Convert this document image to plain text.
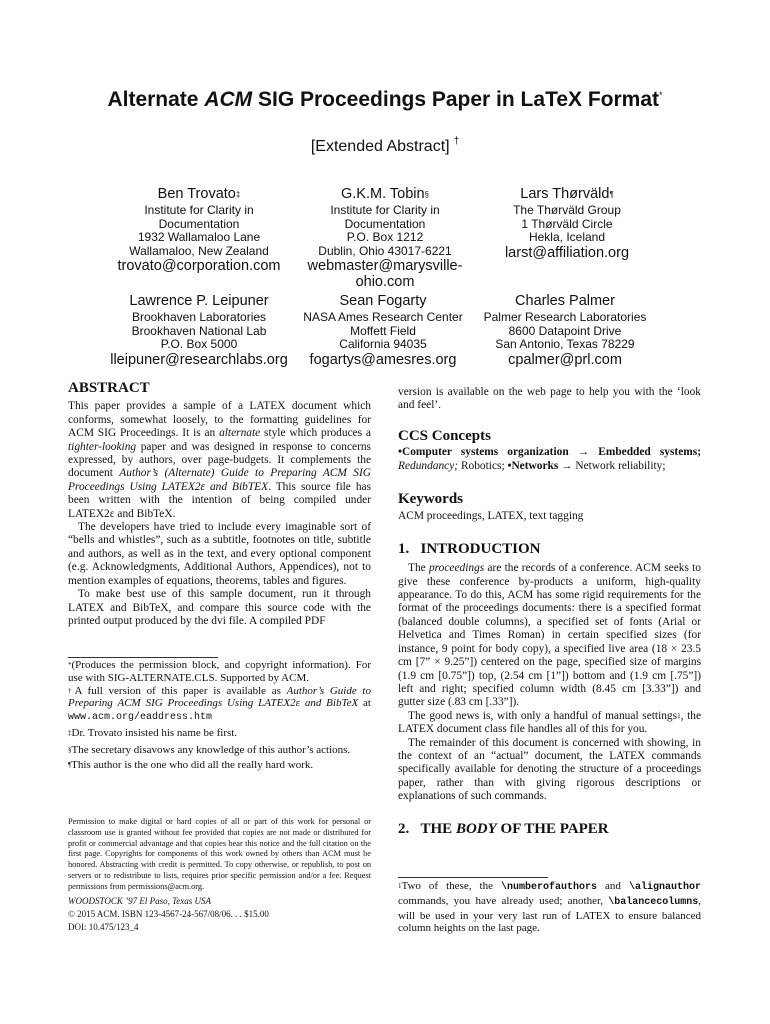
Alternate ACM SIG Proceedings Paper in LaTeX Format*
[Extended Abstract] †
Ben Trovato‡
Institute for Clarity in
Documentation
1932 Wallamaloo Lane
Wallamaloo, New Zealand
trovato@corporation.com
G.K.M. Tobin§
Institute for Clarity in
Documentation
P.O. Box 1212
Dublin, Ohio 43017-6221
webmaster@marysville-ohio.com
Lars Thørväld¶
The Thørväld Group
1 Thørväld Circle
Hekla, Iceland
larst@affiliation.org
Lawrence P. Leipuner
Brookhaven Laboratories
Brookhaven National Lab
P.O. Box 5000
lleipuner@researchlabs.org
Sean Fogarty
NASA Ames Research Center
Moffett Field
California 94035
fogartys@amesres.org
Charles Palmer
Palmer Research Laboratories
8600 Datapoint Drive
San Antonio, Texas 78229
cpalmer@prl.com
ABSTRACT

This paper provides a sample of a LATEX document which conforms, somewhat loosely, to the formatting guidelines for ACM SIG Proceedings. It is an alternate style which produces a tighter-looking paper and was designed in response to concerns expressed, by authors, over page-budgets. It complements the document Author’s (Alternate) Guide to Preparing ACM SIG Proceedings Using LATEX2ε and BibTEX. This source file has been written with the intention of being compiled under LATEX2ε and BibTeX.

The developers have tried to include every imaginable sort of “bells and whistles”, such as a subtitle, footnotes on title, subtitle and authors, as well as in the text, and every optional component (e.g. Acknowledgments, Additional Authors, Appendices), not to mention examples of equations, theorems, tables and figures.

To make best use of this sample document, run it through LATEX and BibTeX, and compare this source code with the printed output produced by the dvi file. A compiled PDF

*(Produces the permission block, and copyright information). For use with SIG-ALTERNATE.CLS. Supported by ACM.

†A full version of this paper is available as Author’s Guide to Preparing ACM SIG Proceedings Using LATEX2ε and BibTeX at www.acm.org/eaddress.htm

‡Dr. Trovato insisted his name be first.

§The secretary disavows any knowledge of this author’s actions.

¶This author is the one who did all the really hard work.

Permission to make digital or hard copies of all or part of this work for personal or classroom use is granted without fee provided that copies are not made or distributed for profit or commercial advantage and that copies bear this notice and the full citation on the first page. Copyrights for components of this work owned by others than ACM must be honored. Abstracting with credit is permitted. To copy otherwise, or republish, to post on servers or to redistribute to lists, requires prior specific permission and/or a fee. Request permissions from permissions@acm.org.

WOODSTOCK ’97 El Paso, Texas USA

© 2015 ACM. ISBN 123-4567-24-567/08/06. . . $15.00

DOI: 10.475/123_4

version is available on the web page to help you with the ‘look and feel’.

CCS Concepts

•Computer systems organization → Embedded systems; Redundancy; Robotics; •Networks → Network reliability;

Keywords

ACM proceedings, LATEX, text tagging

1. INTRODUCTION

The proceedings are the records of a conference. ACM seeks to give these conference by-products a uniform, high-quality appearance. To do this, ACM has some rigid requirements for the format of the proceedings documents: there is a specified format (balanced double columns), a specified set of fonts (Arial or Helvetica and Times Roman) in certain specified sizes (for instance, 9 point for body copy), a specified live area (18 × 23.5 cm [7” × 9.25”]) centered on the page, specified size of margins (1.9 cm [0.75”]) top, (2.54 cm [1”]) bottom and (1.9 cm [.75”]) left and right; specified column width (8.45 cm [3.33”]) and gutter size (.83 cm [.33”]).

The good news is, with only a handful of manual settings$^1$, the LATEX document class file handles all of this for you.

The remainder of this document is concerned with showing, in the context of an “actual” document, the LATEX commands specifically available for denoting the structure of a proceedings paper, rather than with giving rigorous descriptions or explanations of such commands.

2. THE BODY OF THE PAPER

$^1$Two of these, the \numberofauthors and \alignauthor commands, you have already used; another, \balancecolumns, will be used in your very last run of LATEX to ensure balanced column heights on the last page.
